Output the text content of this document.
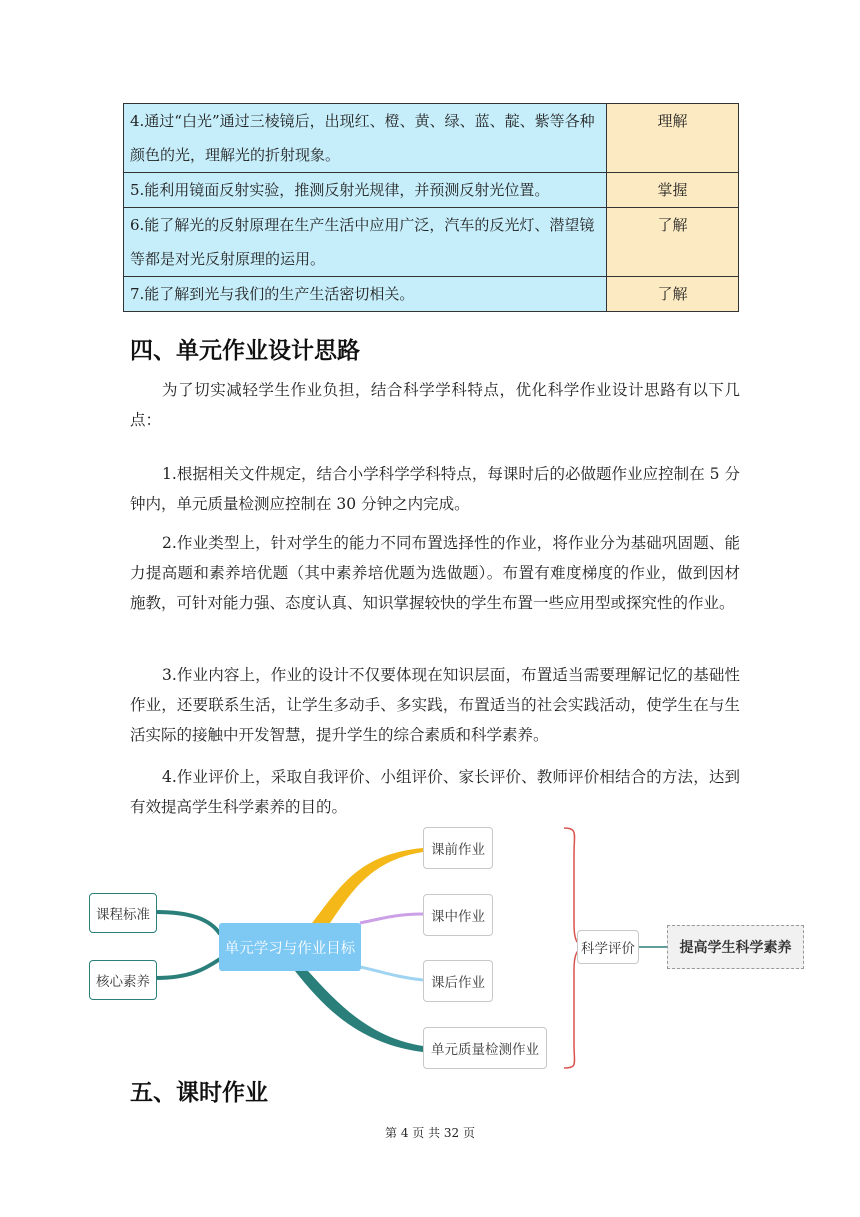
4.通过“白光”通过三棱镜后，出现红、橙、黄、绿、蓝、靛、紫等各种颜色的光，理解光的折射现象。	理解
5.能利用镜面反射实验，推测反射光规律，并预测反射光位置。	掌握
6.能了解光的反射原理在生产生活中应用广泛，汽车的反光灯、潜望镜等都是对光反射原理的运用。	了解
7.能了解到光与我们的生产生活密切相关。	了解
四、单元作业设计思路

为了切实减轻学生作业负担，结合科学学科特点，优化科学作业设计思路有以下几点：

1.根据相关文件规定，结合小学科学学科特点，每课时后的必做题作业应控制在 5 分钟内，单元质量检测应控制在 30 分钟之内完成。

2.作业类型上，针对学生的能力不同布置选择性的作业，将作业分为基础巩固题、能力提高题和素养培优题（其中素养培优题为选做题）。布置有难度梯度的作业，做到因材施教，可针对能力强、态度认真、知识掌握较快的学生布置一些应用型或探究性的作业。

3.作业内容上，作业的设计不仅要体现在知识层面，布置适当需要理解记忆的基础性作业，还要联系生活，让学生多动手、多实践，布置适当的社会实践活动，使学生在与生活实际的接触中开发智慧，提升学生的综合素质和科学素养。

4.作业评价上，采取自我评价、小组评价、家长评价、教师评价相结合的方法，达到有效提高学生科学素养的目的。

课程标准
核心素养
单元学习与作业目标
课前作业
课中作业
课后作业
单元质量检测作业
科学评价	提高学生科学素养
五、课时作业
第 4 页 共 32 页
